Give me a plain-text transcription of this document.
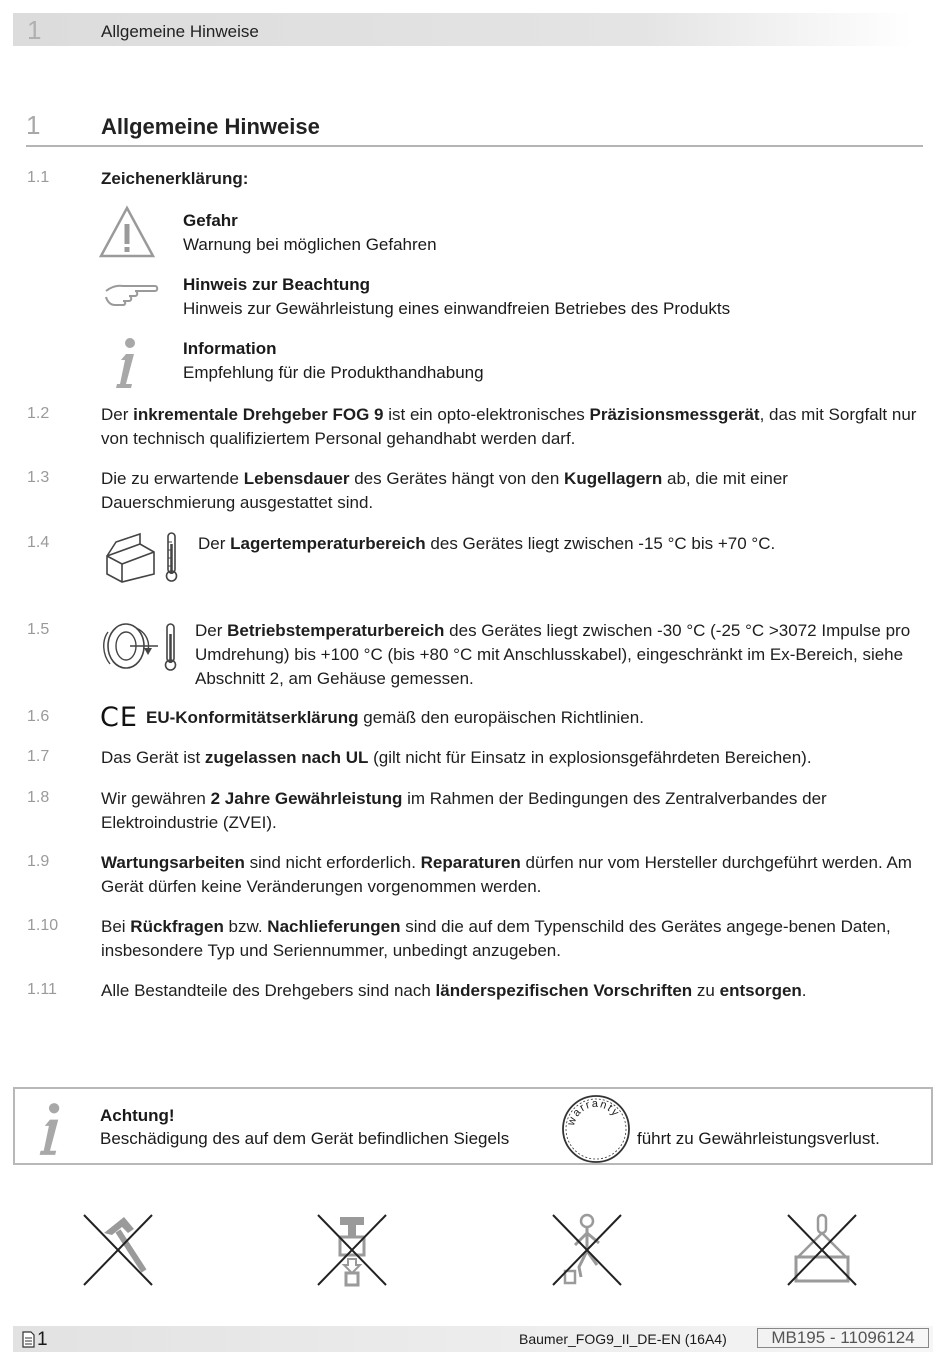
1	Allgemeine Hinweise
1	Allgemeine Hinweise
1.1	Zeichenerklärung:
Gefahr
Warnung bei möglichen Gefahren
Hinweis zur Beachtung
Hinweis zur Gewährleistung eines einwandfreien Betriebes des Produkts
Information
Empfehlung für die Produkthandhabung
1.2	Der inkrementale Drehgeber FOG 9 ist ein opto-elektronisches Präzisionsmessgerät, das mit Sorgfalt nur von technisch qualifiziertem Personal gehandhabt werden darf.
1.3	Die zu erwartende Lebensdauer des Gerätes hängt von den Kugellagern ab, die mit einer Dauerschmierung ausgestattet sind.
1.4	Der Lagertemperaturbereich des Gerätes liegt zwischen -15 °C bis +70 °C.
1.5	Der Betriebstemperaturbereich des Gerätes liegt zwischen -30 °C (-25 °C >3072 Impulse pro Umdrehung) bis +100 °C (bis +80 °C mit Anschlusskabel), eingeschränkt im Ex-Bereich, siehe Abschnitt 2, am Gehäuse gemessen.
1.6 CE EU-Konformitätserklärung gemäß den europäischen Richtlinien.
1.7	Das Gerät ist zugelassen nach UL (gilt nicht für Einsatz in explosionsgefährdeten Bereichen).
1.8	Wir gewähren 2 Jahre Gewährleistung im Rahmen der Bedingungen des Zentralverbandes der Elektroindustrie (ZVEI).
1.9	Wartungsarbeiten sind nicht erforderlich. Reparaturen dürfen nur vom Hersteller durchgeführt werden. Am Gerät dürfen keine Veränderungen vorgenommen werden.
1.10	Bei Rückfragen bzw. Nachlieferungen sind die auf dem Typenschild des Gerätes angege-benen Daten, insbesondere Typ und Seriennummer, unbedingt anzugeben.
1.11	Alle Bestandteile des Drehgebers sind nach länderspezifischen Vorschriften zu entsorgen.
Achtung!
Beschädigung des auf dem Gerät befindlichen Siegels
warranty
führt zu Gewährleistungsverlust.
1	Baumer_FOG9_II_DE-EN (16A4)	MB195 - 11096124
